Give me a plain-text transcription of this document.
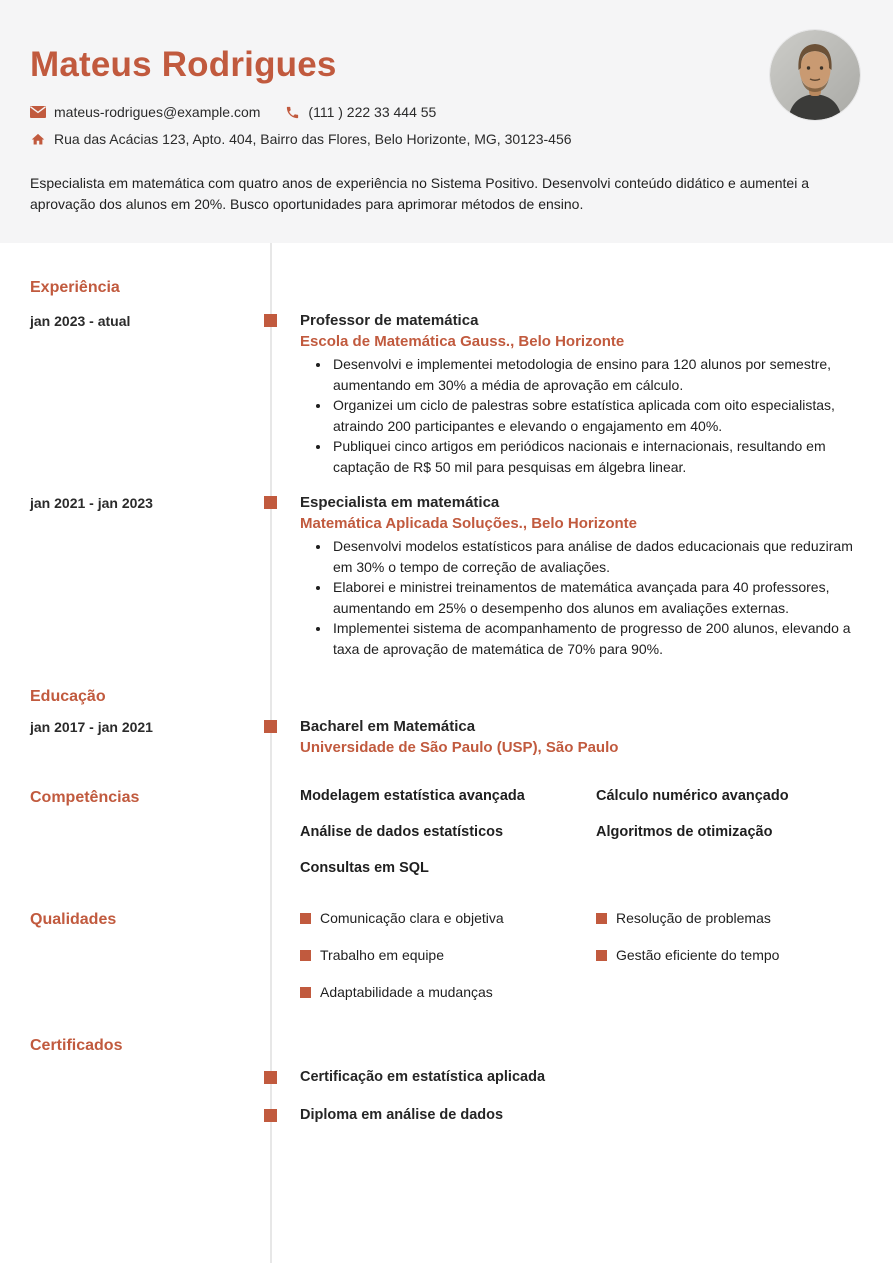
Mateus Rodrigues
mateus-rodrigues@example.com	(111 ) 222 33 444 55
Rua das Acácias 123, Apto. 404, Bairro das Flores, Belo Horizonte, MG, 30123-456
Especialista em matemática com quatro anos de experiência no Sistema Positivo. Desenvolvi conteúdo didático e aumentei a aprovação dos alunos em 20%. Busco oportunidades para aprimorar métodos de ensino.
Experiência
jan 2023 - atual	Professor de matemática
Escola de Matemática Gauss., Belo Horizonte
• Desenvolvi e implementei metodologia de ensino para 120 alunos por semestre, aumentando em 30% a média de aprovação em cálculo.
• Organizei um ciclo de palestras sobre estatística aplicada com oito especialistas, atraindo 200 participantes e elevando o engajamento em 40%.
• Publiquei cinco artigos em periódicos nacionais e internacionais, resultando em captação de R$ 50 mil para pesquisas em álgebra linear.
jan 2021 - jan 2023	Especialista em matemática
Matemática Aplicada Soluções., Belo Horizonte
• Desenvolvi modelos estatísticos para análise de dados educacionais que reduziram em 30% o tempo de correção de avaliações.
• Elaborei e ministrei treinamentos de matemática avançada para 40 professores, aumentando em 25% o desempenho dos alunos em avaliações externas.
• Implementei sistema de acompanhamento de progresso de 200 alunos, elevando a taxa de aprovação de matemática de 70% para 90%.
Educação
jan 2017 - jan 2021	Bacharel em Matemática
Universidade de São Paulo (USP), São Paulo
Competências	Modelagem estatística avançada	Cálculo numérico avançado
Análise de dados estatísticos	Algoritmos de otimização
Consultas em SQL
Qualidades	Comunicação clara e objetiva	Resolução de problemas
Trabalho em equipe	Gestão eficiente do tempo
Adaptabilidade a mudanças
Certificados
Certificação em estatística aplicada
Diploma em análise de dados
